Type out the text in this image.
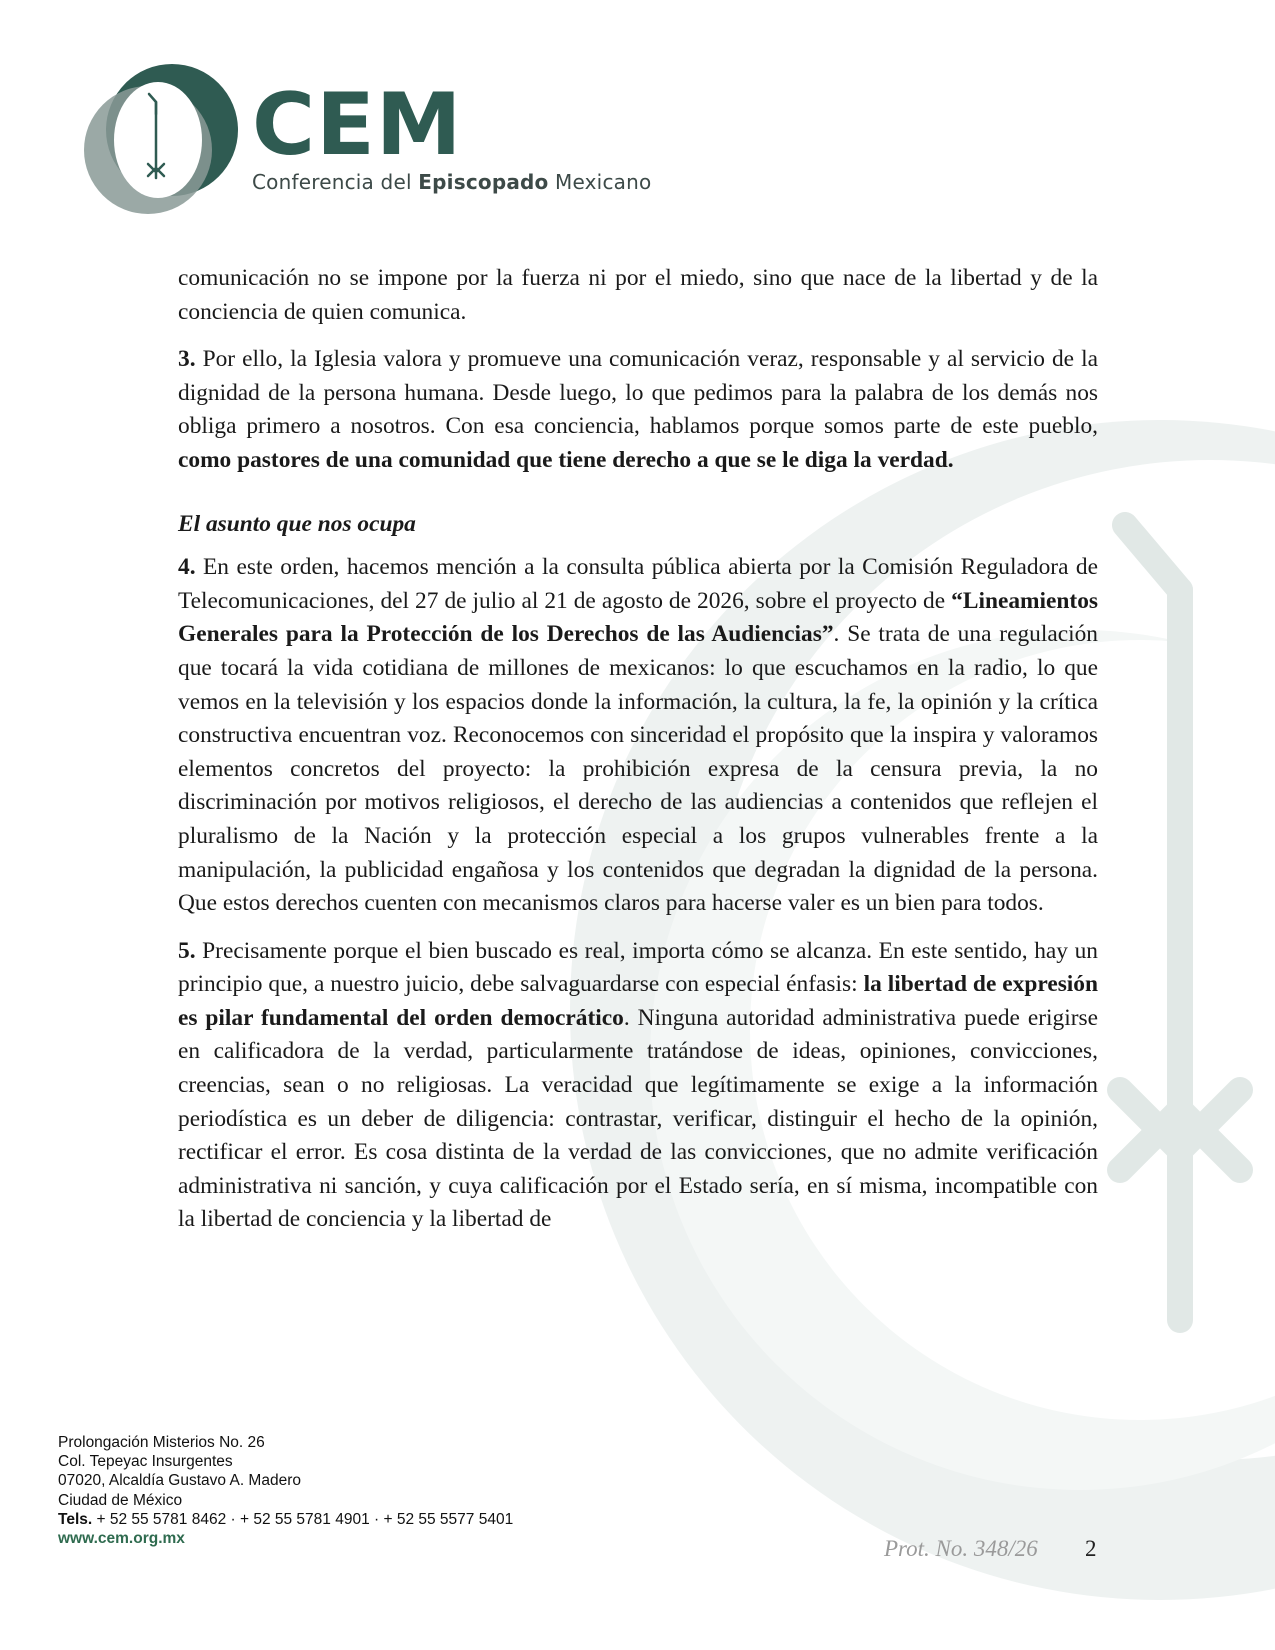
CEM
Conferencia del Episcopado Mexicano

comunicación no se impone por la fuerza ni por el miedo, sino que nace de la libertad y de la conciencia de quien comunica.

3. Por ello, la Iglesia valora y promueve una comunicación veraz, responsable y al servicio de la dignidad de la persona humana. Desde luego, lo que pedimos para la palabra de los demás nos obliga primero a nosotros. Con esa conciencia, hablamos porque somos parte de este pueblo, como pastores de una comunidad que tiene derecho a que se le diga la verdad.

El asunto que nos ocupa

4. En este orden, hacemos mención a la consulta pública abierta por la Comisión Reguladora de Telecomunicaciones, del 27 de julio al 21 de agosto de 2026, sobre el proyecto de “Lineamientos Generales para la Protección de los Derechos de las Audiencias”. Se trata de una regulación que tocará la vida cotidiana de millones de mexicanos: lo que escuchamos en la radio, lo que vemos en la televisión y los espacios donde la información, la cultura, la fe, la opinión y la crítica constructiva encuentran voz. Reconocemos con sinceridad el propósito que la inspira y valoramos elementos concretos del proyecto: la prohibición expresa de la censura previa, la no discriminación por motivos religiosos, el derecho de las audiencias a contenidos que reflejen el pluralismo de la Nación y la protección especial a los grupos vulnerables frente a la manipulación, la publicidad engañosa y los contenidos que degradan la dignidad de la persona. Que estos derechos cuenten con mecanismos claros para hacerse valer es un bien para todos.

5. Precisamente porque el bien buscado es real, importa cómo se alcanza. En este sentido, hay un principio que, a nuestro juicio, debe salvaguardarse con especial énfasis: la libertad de expresión es pilar fundamental del orden democrático. Ninguna autoridad administrativa puede erigirse en calificadora de la verdad, particularmente tratándose de ideas, opiniones, convicciones, creencias, sean o no religiosas. La veracidad que legítimamente se exige a la información periodística es un deber de diligencia: contrastar, verificar, distinguir el hecho de la opinión, rectificar el error. Es cosa distinta de la verdad de las convicciones, que no admite verificación administrativa ni sanción, y cuya calificación por el Estado sería, en sí misma, incompatible con la libertad de conciencia y la libertad de

Prolongación Misterios No. 26
Col. Tepeyac Insurgentes
07020, Alcaldía Gustavo A. Madero
Ciudad de México
Tels. + 52 55 5781 8462 · + 52 55 5781 4901 · + 52 55 5577 5401
www.cem.org.mx	Prot. No. 348/26 2
